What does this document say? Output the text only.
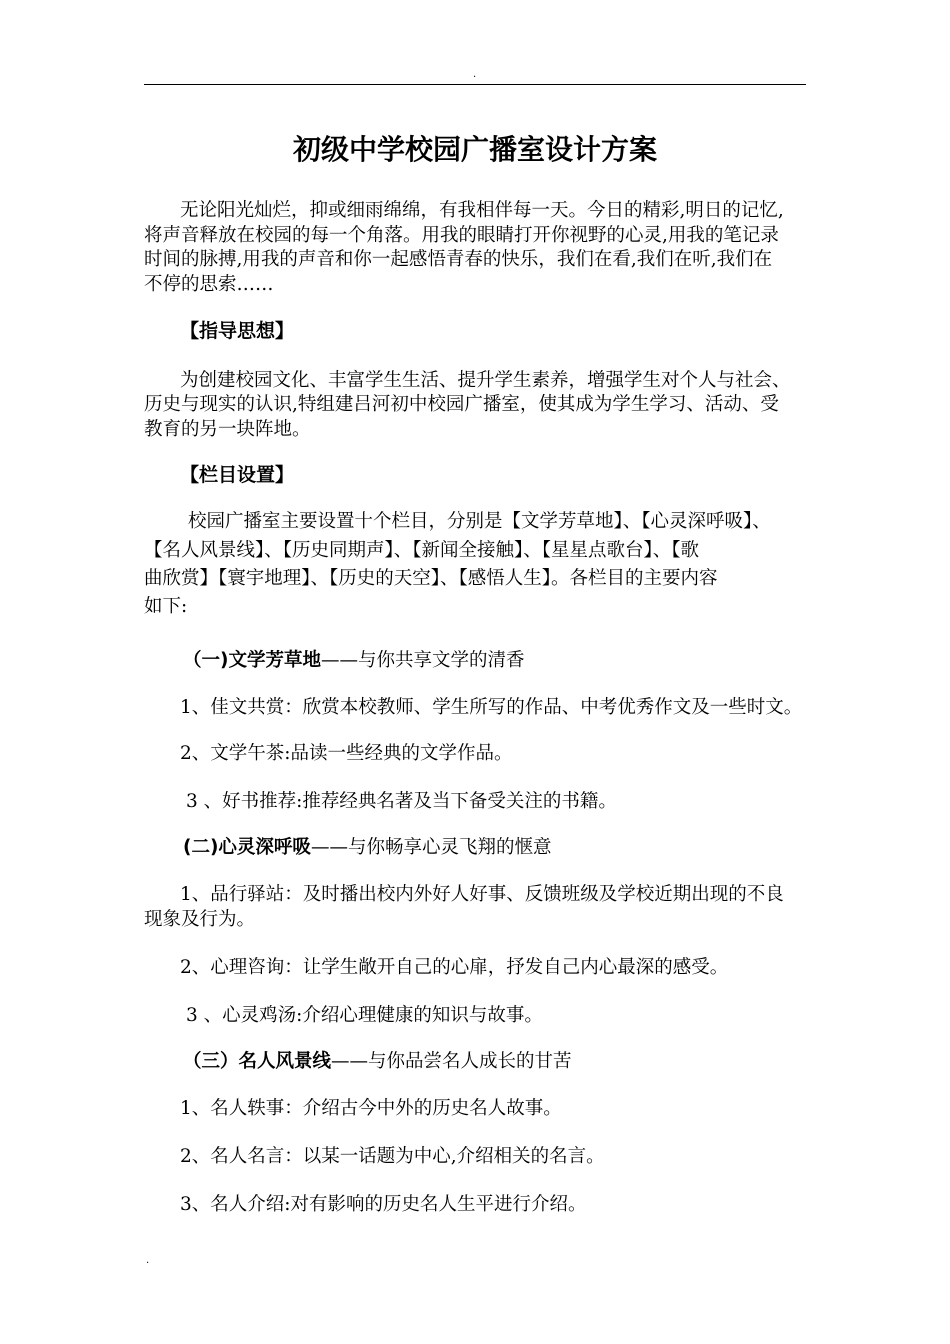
.
初级中学校园广播室设计方案
无论阳光灿烂，抑或细雨绵绵，有我相伴每一天。今日的精彩,明日的记忆,
将声音释放在校园的每一个角落。用我的眼睛打开你视野的心灵,用我的笔记录
时间的脉搏,用我的声音和你一起感悟青春的快乐，我们在看,我们在听,我们在
不停的思索……
【指导思想】
为创建校园文化、丰富学生生活、提升学生素养，增强学生对个人与社会、
历史与现实的认识,特组建吕河初中校园广播室，使其成为学生学习、活动、受
教育的另一块阵地。
【栏目设置】
校园广播室主要设置十个栏目，分别是【文学芳草地】、【心灵深呼吸】、
【名人风景线】、【历史同期声】、【新闻全接触】、【星星点歌台】、【歌
曲欣赏】【寰宇地理】、【历史的天空】、【感悟人生】。各栏目的主要内容
如下:
（一)文学芳草地——与你共享文学的清香
1、佳文共赏：欣赏本校教师、学生所写的作品、中考优秀作文及一些时文。
2、文学午茶:品读一些经典的文学作品。
3 、好书推荐:推荐经典名著及当下备受关注的书籍。
(二)心灵深呼吸——与你畅享心灵飞翔的惬意
1、品行驿站：及时播出校内外好人好事、反馈班级及学校近期出现的不良
现象及行为。
2、心理咨询：让学生敞开自己的心扉，抒发自己内心最深的感受。
3 、心灵鸡汤:介绍心理健康的知识与故事。
（三）名人风景线——与你品尝名人成长的甘苦
1、名人轶事：介绍古今中外的历史名人故事。
2、名人名言：以某一话题为中心,介绍相关的名言。
3、名人介绍:对有影响的历史名人生平进行介绍。
.
